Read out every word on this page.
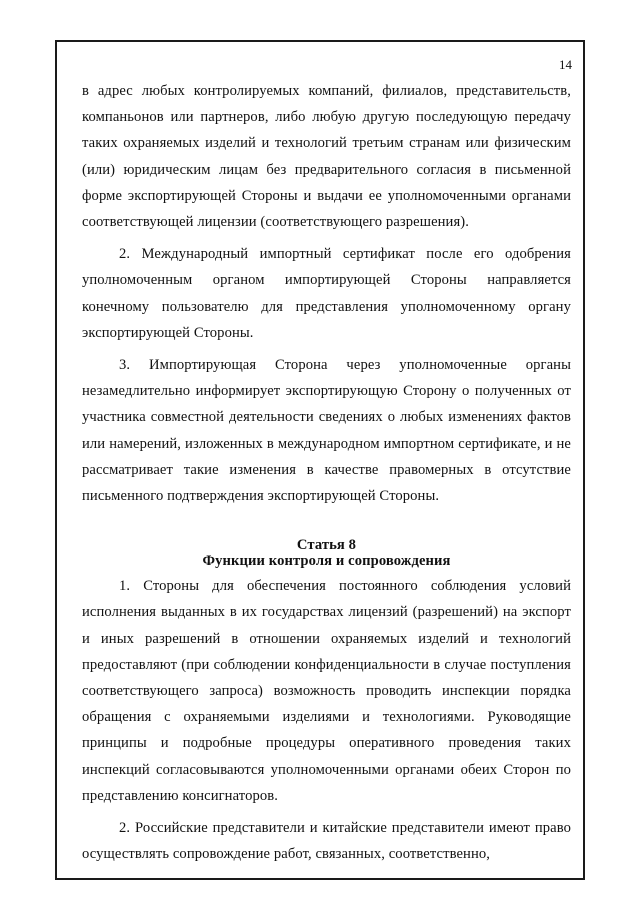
14

в адрес любых контролируемых компаний, филиалов, представительств, компаньонов или партнеров, либо любую другую последующую передачу таких охраняемых изделий и технологий третьим странам или физическим (или) юридическим лицам без предварительного согласия в письменной форме экспортирующей Стороны и выдачи ее уполномоченными органами соответствующей лицензии (соответствующего разрешения).

2. Международный импортный сертификат после его одобрения уполномоченным органом импортирующей Стороны направляется конечному пользователю для представления уполномоченному органу экспортирующей Стороны.

3. Импортирующая Сторона через уполномоченные органы незамедлительно информирует экспортирующую Сторону о полученных от участника совместной деятельности сведениях о любых изменениях фактов или намерений, изложенных в международном импортном сертификате, и не рассматривает такие изменения в качестве правомерных в отсутствие письменного подтверждения экспортирующей Стороны.

Статья 8
Функции контроля и сопровождения

1. Стороны для обеспечения постоянного соблюдения условий исполнения выданных в их государствах лицензий (разрешений) на экспорт и иных разрешений в отношении охраняемых изделий и технологий предоставляют (при соблюдении конфиденциальности в случае поступления соответствующего запроса) возможность проводить инспекции порядка обращения с охраняемыми изделиями и технологиями. Руководящие принципы и подробные процедуры оперативного проведения таких инспекций согласовываются уполномоченными органами обеих Сторон по представлению консигнаторов.

2. Российские представители и китайские представители имеют право осуществлять сопровождение работ, связанных, соответственно,
